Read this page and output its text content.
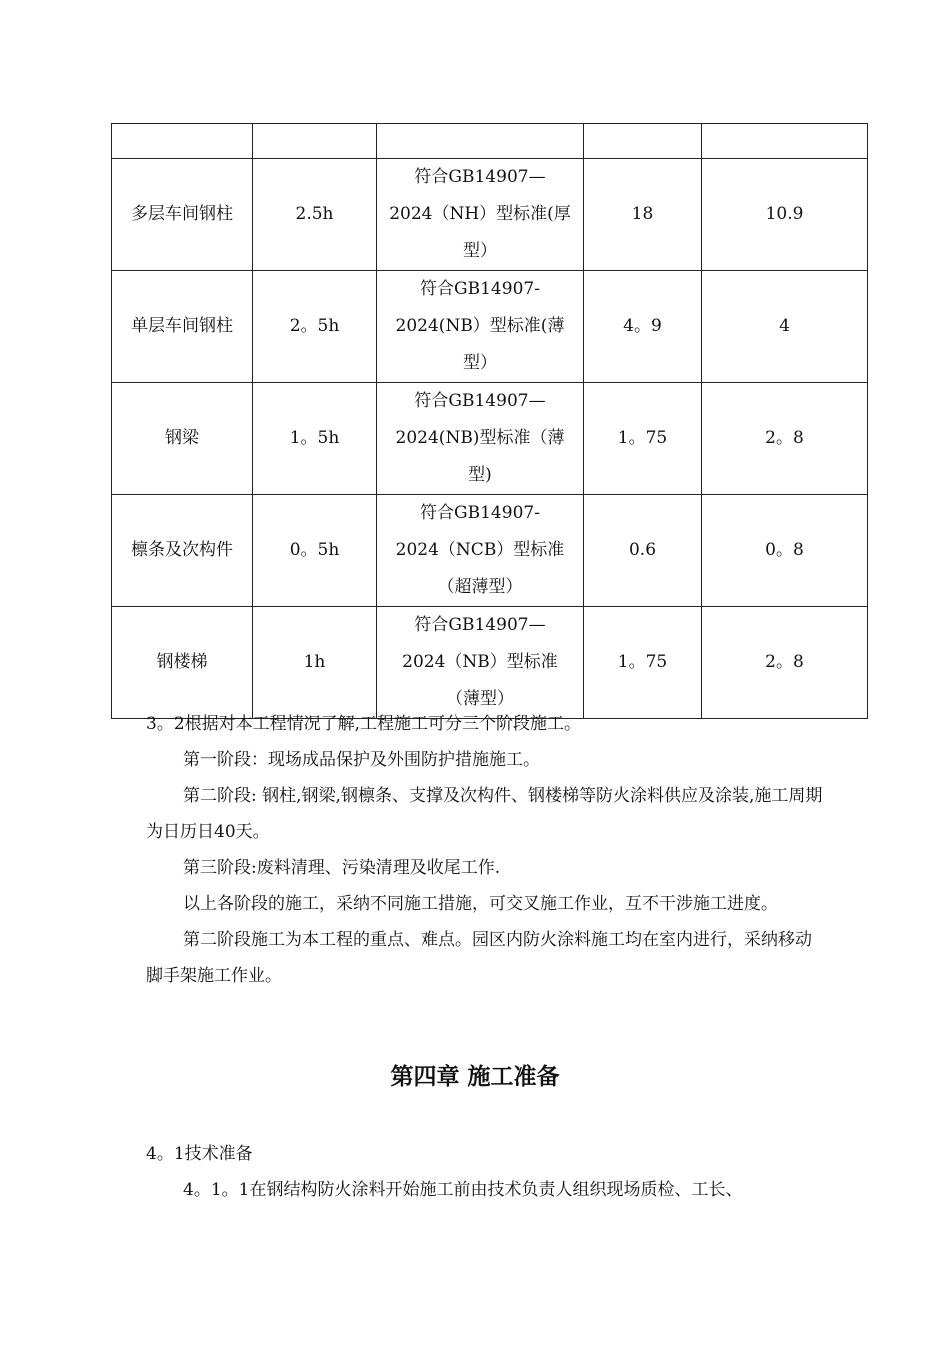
多层车间钢柱	2.5h	符合GB14907—
2024（NH）型标准(厚
型）	18	10.9
单层车间钢柱	2。5h	符合GB14907-
2024(NB）型标准(薄
型）	4。9	4
钢梁	1。5h	符合GB14907—
2024(NB)型标准（薄
型)	1。75	2。8
檩条及次构件	0。5h	符合GB14907-
2024（NCB）型标准
（超薄型）	0.6	0。8
钢楼梯	1h	符合GB14907—
2024（NB）型标准
（薄型）	1。75	2。8

3。2根据对本工程情况了解,工程施工可分三个阶段施工。

第一阶段：现场成品保护及外围防护措施施工。

第二阶段: 钢柱,钢梁,钢檩条、支撑及次构件、钢楼梯等防火涂料供应及涂装,施工周期为日历日40天。

第三阶段:废料清理、污染清理及收尾工作.

以上各阶段的施工，采纳不同施工措施，可交叉施工作业，互不干涉施工进度。

第二阶段施工为本工程的重点、难点。园区内防火涂料施工均在室内进行，采纳移动脚手架施工作业。

第四章 施工准备

4。1技术准备

4。1。1在钢结构防火涂料开始施工前由技术负责人组织现场质检、工长、
